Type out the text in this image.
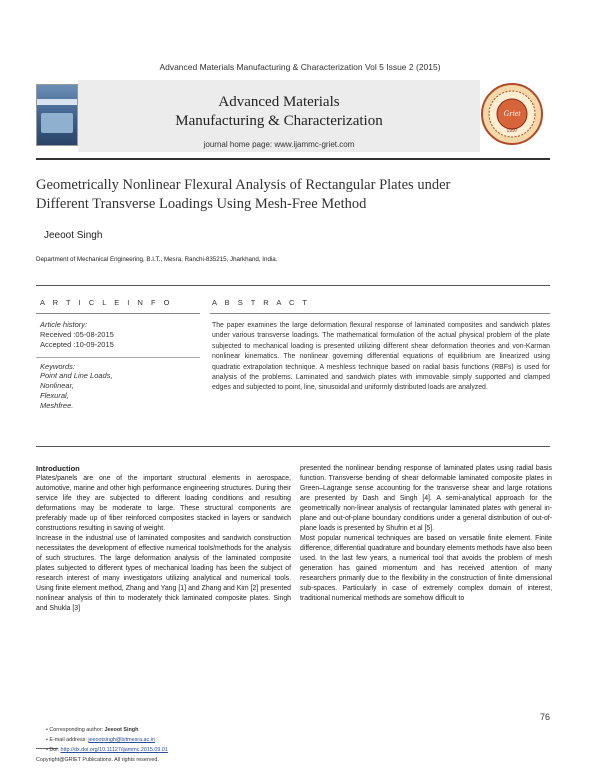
Advanced Materials Manufacturing & Characterization Vol 5 Issue 2 (2015)
Advanced Materials
Manufacturing & Characterization
journal home page: www.ijammc-griet.com
Griet
1997
Geometrically Nonlinear Flexural Analysis of Rectangular Plates under
Different Transverse Loadings Using Mesh-Free Method
Jeeoot Singh
Department of Mechanical Engineering, B.I.T., Mesra, Ranchi-835215, Jharkhand, India.
A R T I C L E I N F O	A B S T R A C T
Article history:
Received :05-08-2015
Accepted :10-09-2015
Keywords:
Point and Line Loads,
Nonlinear,
Flexural,
Meshfree.
The paper examines the large deformation flexural response of laminated composites and sandwich plates under various transverse loadings. The mathematical formulation of the actual physical problem of the plate subjected to mechanical loading is presented utilizing different shear deformation theories and von-Karman nonlinear kinematics. The nonlinear governing differential equations of equilibrium are linearized using quadratic extrapolation technique. A meshless technique based on radial basis functions (RBFs) is used for analysis of the problems. Laminated and sandwich plates with immovable simply supported and clamped edges and subjected to point, line, sinusoidal and uniformly distributed loads are analyzed.

Introduction

Plates/panels are one of the important structural elements in aerospace, automotive, marine and other high performance engineering structures. During their service life they are subjected to different loading conditions and resulting deformations may be moderate to large. These structural components are preferably made up of fiber reinforced composites stacked in layers or sandwich constructions resulting in saving of weight.

Increase in the industrial use of laminated composites and sandwich construction necessitates the development of effective numerical tools/methods for the analysis of such structures. The large deformation analysis of the laminated composite plates subjected to different types of mechanical loading has been the subject of research interest of many investigators utilizing analytical and numerical tools. Using finite element method, Zhang and Yang [1] and Zhang and Kim [2] presented nonlinear analysis of thin to moderately thick laminated composite plates. Singh and Shukla [3]

presented the nonlinear bending response of laminated plates using radial basis function. Transverse bending of shear deformable laminated composite plates in Green–Lagrange sense accounting for the transverse shear and large rotations are presented by Dash and Singh [4]. A semi-analytical approach for the geometrically non-linear analysis of rectangular laminated plates with general in-plane and out-of-plane boundary conditions under a general distribution of out-of-plane loads is presented by Shufrin et al [5].

Most popular numerical techniques are based on versatile finite element. Finite difference, differential quadrature and boundary elements methods have also been used. In the last few years, a numerical tool that avoids the problem of mesh generation has gained momentum and has received attention of many researchers primarily due to the flexibility in the construction of finite dimensional sub-spaces. Particularly in case of extremely complex domain of interest, traditional numerical methods are somehow difficult to

76
• Corresponding author: Jeeoot Singh
• E-mail address: jeeootsingh@bitmesra.ac.in
• Doi: http://dx.doi.org/10.11127/ijammc.2015.09.01
Copyright@GRIET Publications. All rights reserved.
